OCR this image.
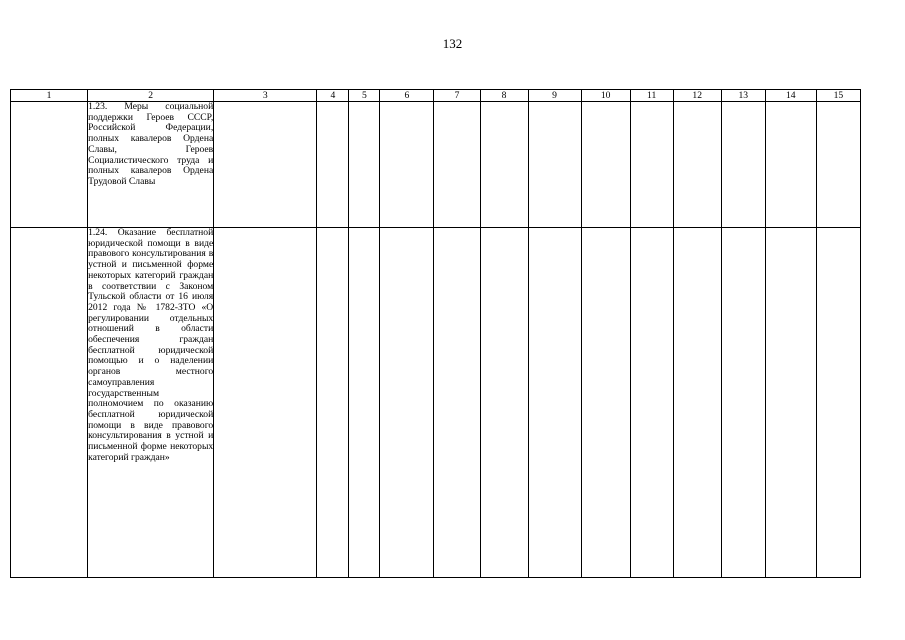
132
1	2	3	4	5	6	7	8	9	10	11	12	13	14	15

	1.23. Меры социальной поддержки Героев СССР, Российской Федерации, полных кавалеров Ордена Славы, Героев Социалистического труда и полных кавалеров Ордена Трудовой Славы													

	1.24. Оказание бесплатной юридической помощи в виде правового консультирования в устной и письменной форме некоторых категорий граждан в соответствии с Законом Тульской области от 16 июля 2012 года № 1782-ЗТО «О регулировании отдельных отношений в области обеспечения граждан бесплатной юридической помощью и о наделении органов местного самоуправления государственным полномочием по оказанию бесплатной юридической помощи в виде правового консультирования в устной и письменной форме некоторых категорий граждан»													
